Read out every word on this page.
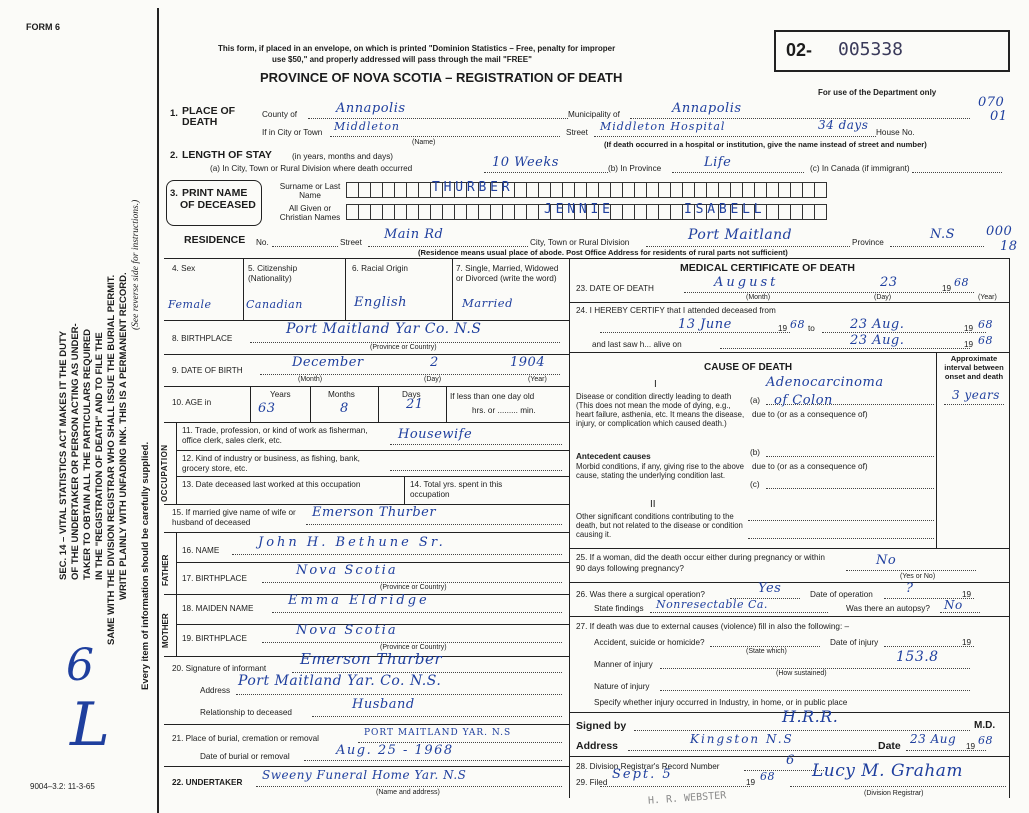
FORM 6
This form, if placed in an envelope, on which is printed "Dominion Statistics – Free, penalty for improper
use $50," and properly addressed will pass through the mail "FREE"
PROVINCE OF NOVA SCOTIA – REGISTRATION OF DEATH
02- 005338
For use of the Department only
070
01
000
18
SEC. 14 – VITAL STATISTICS ACT MAKES IT THE DUTY OF THE UNDERTAKER OR PERSON ACTING AS UNDER- TAKER TO OBTAIN ALL THE PARTICULARS REQUIRED IN THE "REGISTRATION OF DEATH" AND TO FILE THE SAME WITH THE DIVISION REGISTRAR WHO SHALL ISSUE THE BURIAL PERMIT. WRITE PLAINLY WITH UNFADING INK. THIS IS A PERMANENT RECORD.
(See reverse side for instructions.)
Every item of information should be carefully supplied.
6
L
9004–3.2: 11-3-65
1. PLACE OF DEATH
County of	Annapolis	Municipality of	Annapolis
If in City or Town Middleton
(Name)
Street Middleton Hospital	34 days
House No.
(If death occurred in a hospital or institution, give the name instead of street and number)
2. LENGTH OF STAY (in years, months and days)
(a) In City, Town or Rural Division where death occurred	10 Weeks	(b) In Province	Life	(c) In Canada (if immigrant)
3. PRINT NAME
OF DECEASED
Surname or Last Name
All Given or Christian Names
THURBER
JENNIE	ISABELL
RESIDENCE No.	Street
Main Rd
City, Town or Rural Division	Port Maitland	Province
N.S
(Residence means usual place of abode. Post Office Address for residents of rural parts not sufficient)
4. Sex	5. Citizenship (Nationality)
6. Racial Origin	7. Single, Married, Widowed or Divorced (write the word)
Female	Canadian	English	Married
8. BIRTHPLACE
Port Maitland Yar Co. N.S
(Province or Country)
9. DATE OF BIRTH
December	2	1904
(Month)	(Day)	(Year)
10. AGE in
Years	Months	Days
63	8	21
If less than one day old
hrs. or ......... min.
OCCUPATION
11. Trade, profession, or kind of work as fisherman, office clerk, sales clerk, etc.	Housewife
12. Kind of industry or business, as fishing, bank, grocery store, etc.
13. Date deceased last worked at this occupation	14. Total yrs. spent in this occupation
15. If married give name of wife or husband of deceased
Emerson Thurber
FATHER
MOTHER
16. NAME
John H. Bethune Sr.
17. BIRTHPLACE
Nova Scotia
(Province or Country)
18. MAIDEN NAME
Emma Eldridge
19. BIRTHPLACE
Nova Scotia
(Province or Country)
20. Signature of informant
Emerson Thurber
Address
Port Maitland Yar. Co. N.S.
Relationship to deceased
Husband
21. Place of burial, cremation or removal
PORT MAITLAND YAR. N.S
Date of burial or removal	Aug. 25 - 1968
22. UNDERTAKER
Sweeny Funeral Home Yar. N.S
(Name and address)
MEDICAL CERTIFICATE OF DEATH
23. DATE OF DEATH	August	23	19 68
(Month)	(Day)	(Year)
24. I HEREBY CERTIFY that I attended deceased from
13 June	19 68 to	23 Aug.	19 68
and last saw h... alive on	23 Aug.	19 68
CAUSE OF DEATH
Approximate interval between onset and death
I
Disease or condition directly leading to death (This does not mean the mode of dying, e.g., heart failure, asthenia, etc. It means the disease, injury, or complication which caused death.)
(a)
Adenocarcinoma
3 years
due to (or as a consequence of)
of Colon
Antecedent causes
Morbid conditions, if any, giving rise to the above cause, stating the underlying condition last.
(b)
due to (or as a consequence of)
(c)
II
Other significant conditions contributing to the death, but not related to the disease or condition causing it.
25. If a woman, did the death occur either during pregnancy or within 90 days following pregnancy?
No
(Yes or No)
26. Was there a surgical operation?	Yes	Date of operation	?	19
State findings Nonresectable Ca.	Was there an autopsy? No
27. If death was due to external causes (violence) fill in also the following: –
Accident, suicide or homicide?
(State which)
Date of injury	19
153.8
Manner of injury
(How sustained)
Nature of injury
Specify whether injury occurred in Industry, in home, or in public place
Signed by	H.R.R.	M.D.
Address	Kingston N.S	Date 23 Aug
19 68
28. Division Registrar's Record Number	6
29. Filed
Sept. 5
19 68 Lucy M. Graham
(Division Registrar)
H. R. WEBSTER
